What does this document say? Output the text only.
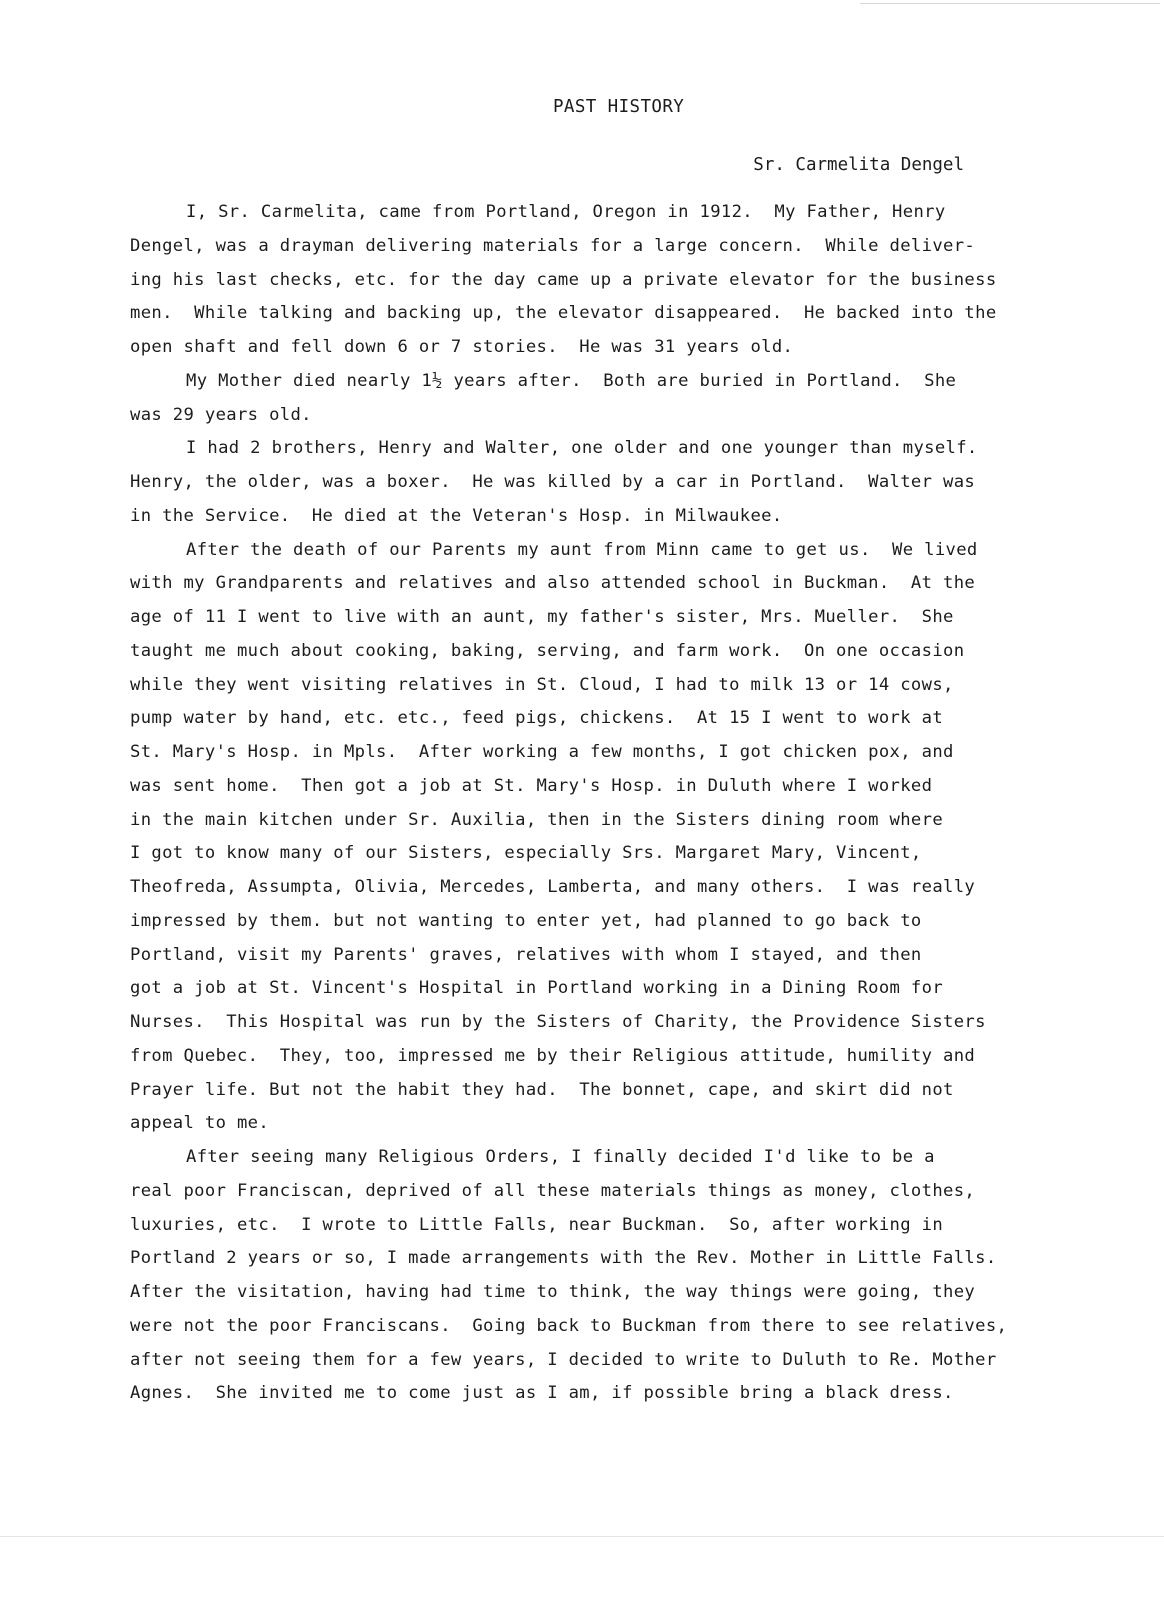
PAST HISTORY
Sr. Carmelita Dengel
I, Sr. Carmelita, came from Portland, Oregon in 1912.  My Father, Henry
Dengel, was a drayman delivering materials for a large concern.  While deliver-
ing his last checks, etc. for the day came up a private elevator for the business
men.  While talking and backing up, the elevator disappeared.  He backed into the
open shaft and fell down 6 or 7 stories.  He was 31 years old.
My Mother died nearly 1½ years after.  Both are buried in Portland.  She
was 29 years old.
I had 2 brothers, Henry and Walter, one older and one younger than myself.
Henry, the older, was a boxer.  He was killed by a car in Portland.  Walter was
in the Service.  He died at the Veteran's Hosp. in Milwaukee.
After the death of our Parents my aunt from Minn came to get us.  We lived
with my Grandparents and relatives and also attended school in Buckman.  At the
age of 11 I went to live with an aunt, my father's sister, Mrs. Mueller.  She
taught me much about cooking, baking, serving, and farm work.  On one occasion
while they went visiting relatives in St. Cloud, I had to milk 13 or 14 cows,
pump water by hand, etc. etc., feed pigs, chickens.  At 15 I went to work at
St. Mary's Hosp. in Mpls.  After working a few months, I got chicken pox, and
was sent home.  Then got a job at St. Mary's Hosp. in Duluth where I worked
in the main kitchen under Sr. Auxilia, then in the Sisters dining room where
I got to know many of our Sisters, especially Srs. Margaret Mary, Vincent,
Theofreda, Assumpta, Olivia, Mercedes, Lamberta, and many others.  I was really
impressed by them. but not wanting to enter yet, had planned to go back to
Portland, visit my Parents' graves, relatives with whom I stayed, and then
got a job at St. Vincent's Hospital in Portland working in a Dining Room for
Nurses.  This Hospital was run by the Sisters of Charity, the Providence Sisters
from Quebec.  They, too, impressed me by their Religious attitude, humility and
Prayer life. But not the habit they had.  The bonnet, cape, and skirt did not
appeal to me.
After seeing many Religious Orders, I finally decided I'd like to be a
real poor Franciscan, deprived of all these materials things as money, clothes,
luxuries, etc.  I wrote to Little Falls, near Buckman.  So, after working in
Portland 2 years or so, I made arrangements with the Rev. Mother in Little Falls.
After the visitation, having had time to think, the way things were going, they
were not the poor Franciscans.  Going back to Buckman from there to see relatives,
after not seeing them for a few years, I decided to write to Duluth to Re. Mother
Agnes.  She invited me to come just as I am, if possible bring a black dress.
